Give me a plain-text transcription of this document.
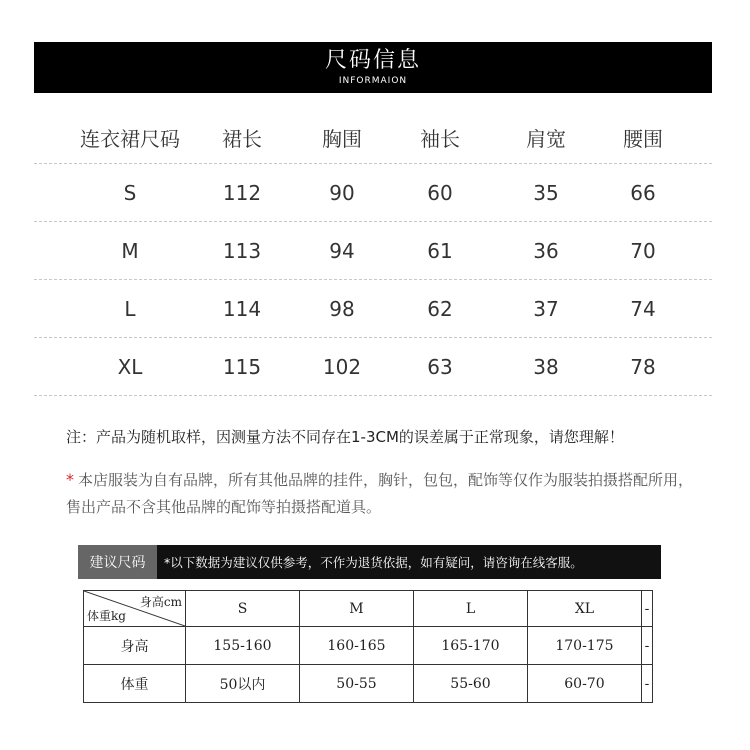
尺码信息
INFORMAION
连衣裙尺码	裙长	胸围	袖长	肩宽	腰围
S	112	90	60	35	66
M	113	94	61	36	70
L	114	98	62	37	74
XL	115	102	63	38	78
注：产品为随机取样，因测量方法不同存在1-3CM的误差属于正常现象，请您理解！
* 本店服装为自有品牌，所有其他品牌的挂件，胸针，包包，配饰等仅作为服装拍摄搭配所用，售出产品不含其他品牌的配饰等拍摄搭配道具。
建议尺码	*以下数据为建议仅供参考，不作为退货依据，如有疑问，请咨询在线客服。
身高cm
体重kg	S	M	L	XL	-
身高	155-160	160-165	165-170	170-175	-
体重	50以内	50-55	55-60	60-70	-
